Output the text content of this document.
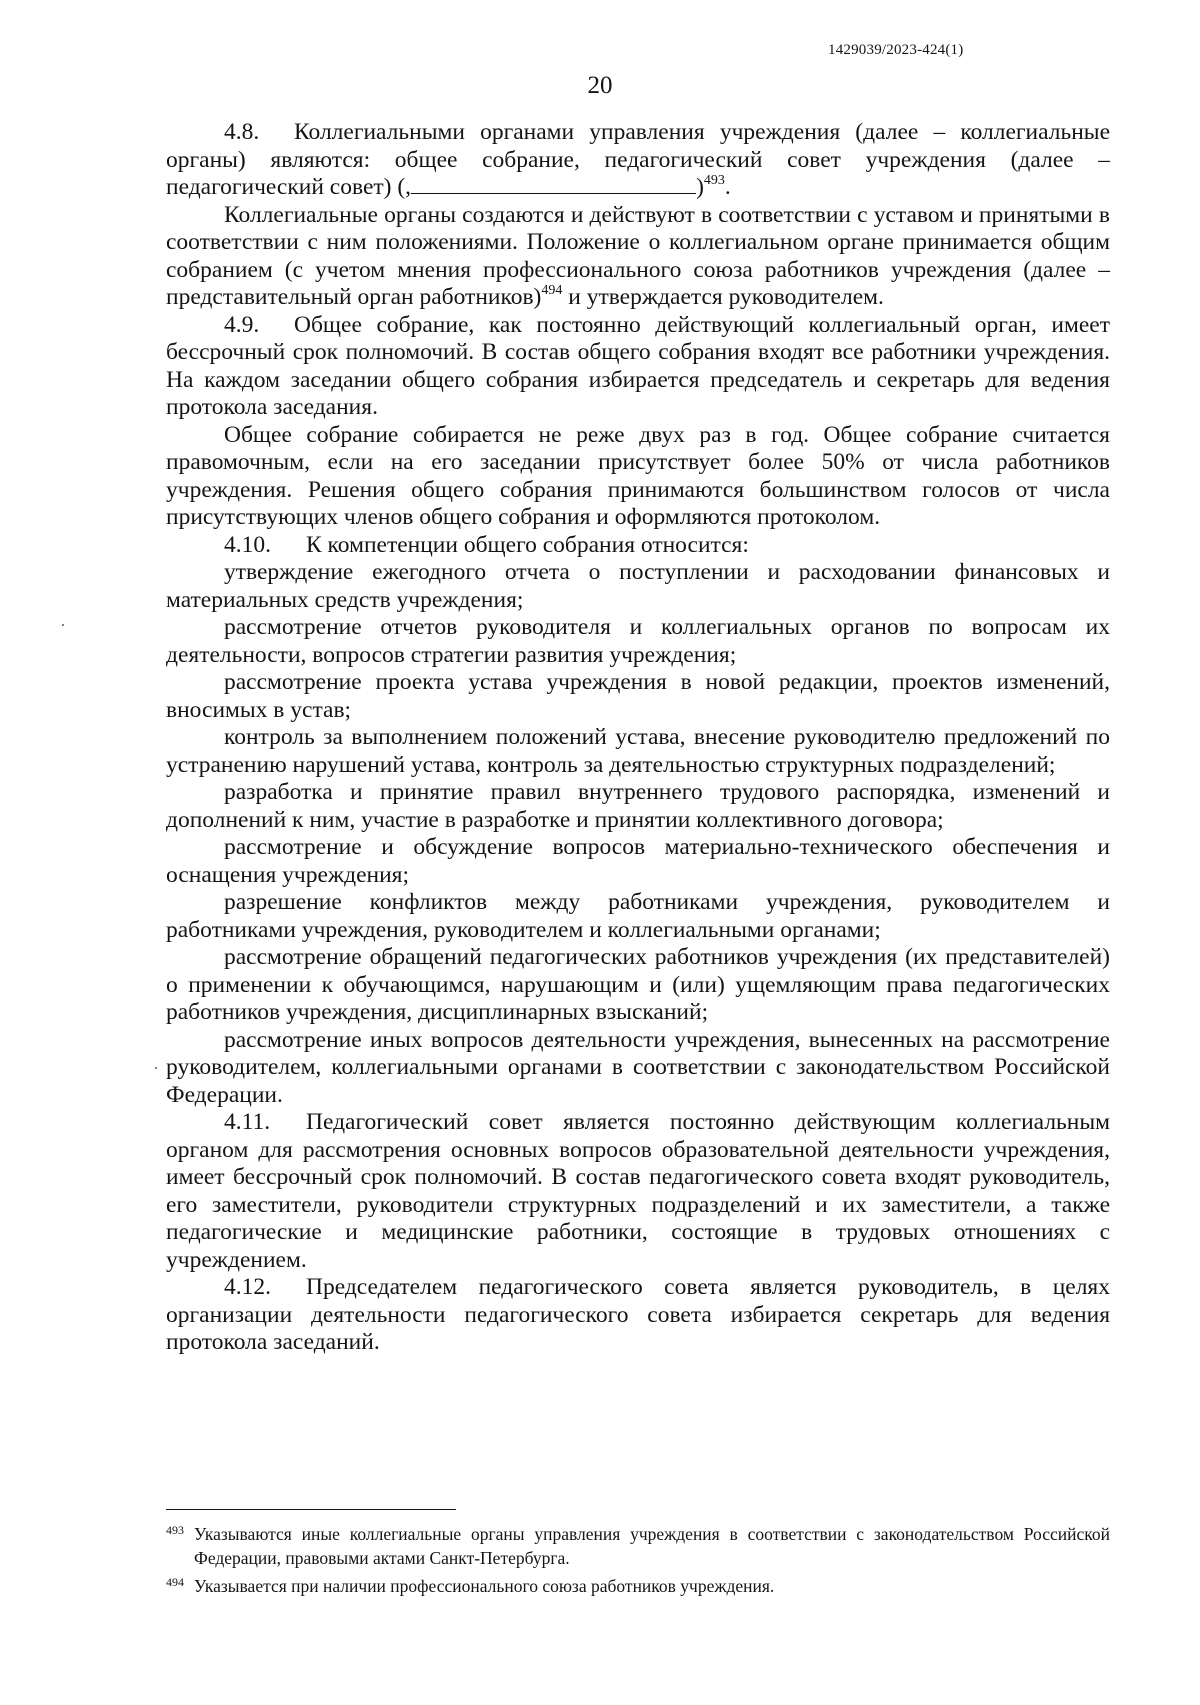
1429039/2023-424(1)
20

4.8. Коллегиальными органами управления учреждения (далее – коллегиальные органы) являются: общее собрание, педагогический совет учреждения (далее – педагогический совет) (,	)$^{493}$.

Коллегиальные органы создаются и действуют в соответствии с уставом и принятыми в соответствии с ним положениями. Положение о коллегиальном органе принимается общим собранием (с учетом мнения профессионального союза работников учреждения (далее – представительный орган работников)$^{494}$ и утверждается руководителем.

4.9. Общее собрание, как постоянно действующий коллегиальный орган, имеет бессрочный срок полномочий. В состав общего собрания входят все работники учреждения. На каждом заседании общего собрания избирается председатель и секретарь для ведения протокола заседания.

Общее собрание собирается не реже двух раз в год. Общее собрание считается правомочным, если на его заседании присутствует более 50% от числа работников учреждения. Решения общего собрания принимаются большинством голосов от числа присутствующих членов общего собрания и оформляются протоколом.

4.10. К компетенции общего собрания относится:

утверждение ежегодного отчета о поступлении и расходовании финансовых и материальных средств учреждения;

рассмотрение отчетов руководителя и коллегиальных органов по вопросам их деятельности, вопросов стратегии развития учреждения;

рассмотрение проекта устава учреждения в новой редакции, проектов изменений, вносимых в устав;

контроль за выполнением положений устава, внесение руководителю предложений по устранению нарушений устава, контроль за деятельностью структурных подразделений;

разработка и принятие правил внутреннего трудового распорядка, изменений и дополнений к ним, участие в разработке и принятии коллективного договора;

рассмотрение и обсуждение вопросов материально-технического обеспечения и оснащения учреждения;

разрешение конфликтов между работниками учреждения, руководителем и работниками учреждения, руководителем и коллегиальными органами;

рассмотрение обращений педагогических работников учреждения (их представителей) о применении к обучающимся, нарушающим и (или) ущемляющим права педагогических работников учреждения, дисциплинарных взысканий;

рассмотрение иных вопросов деятельности учреждения, вынесенных на рассмотрение руководителем, коллегиальными органами в соответствии с законодательством Российской Федерации.

4.11. Педагогический совет является постоянно действующим коллегиальным органом для рассмотрения основных вопросов образовательной деятельности учреждения, имеет бессрочный срок полномочий. В состав педагогического совета входят руководитель, его заместители, руководители структурных подразделений и их заместители, а также педагогические и медицинские работники, состоящие в трудовых отношениях с учреждением.

4.12. Председателем педагогического совета является руководитель, в целях организации деятельности педагогического совета избирается секретарь для ведения протокола заседаний.

493 Указываются иные коллегиальные органы управления учреждения в соответствии с законодательством Российской Федерации, правовыми актами Санкт-Петербурга.
494 Указывается при наличии профессионального союза работников учреждения.
